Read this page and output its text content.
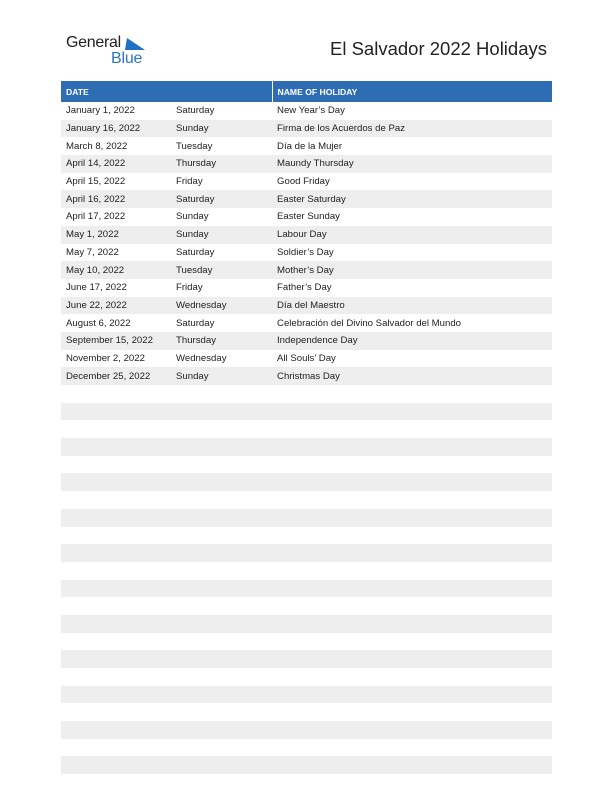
General
Blue	El Salvador 2022 Holidays
DATE		NAME OF HOLIDAY
January 1, 2022	Saturday	New Year’s Day
January 16, 2022	Sunday	Firma de los Acuerdos de Paz
March 8, 2022	Tuesday	Día de la Mujer
April 14, 2022	Thursday	Maundy Thursday
April 15, 2022	Friday	Good Friday
April 16, 2022	Saturday	Easter Saturday
April 17, 2022	Sunday	Easter Sunday
May 1, 2022	Sunday	Labour Day
May 7, 2022	Saturday	Soldier’s Day
May 10, 2022	Tuesday	Mother’s Day
June 17, 2022	Friday	Father’s Day
June 22, 2022	Wednesday	Día del Maestro
August 6, 2022	Saturday	Celebración del Divino Salvador del Mundo
September 15, 2022	Thursday	Independence Day
November 2, 2022	Wednesday	All Souls’ Day
December 25, 2022	Sunday	Christmas Day
